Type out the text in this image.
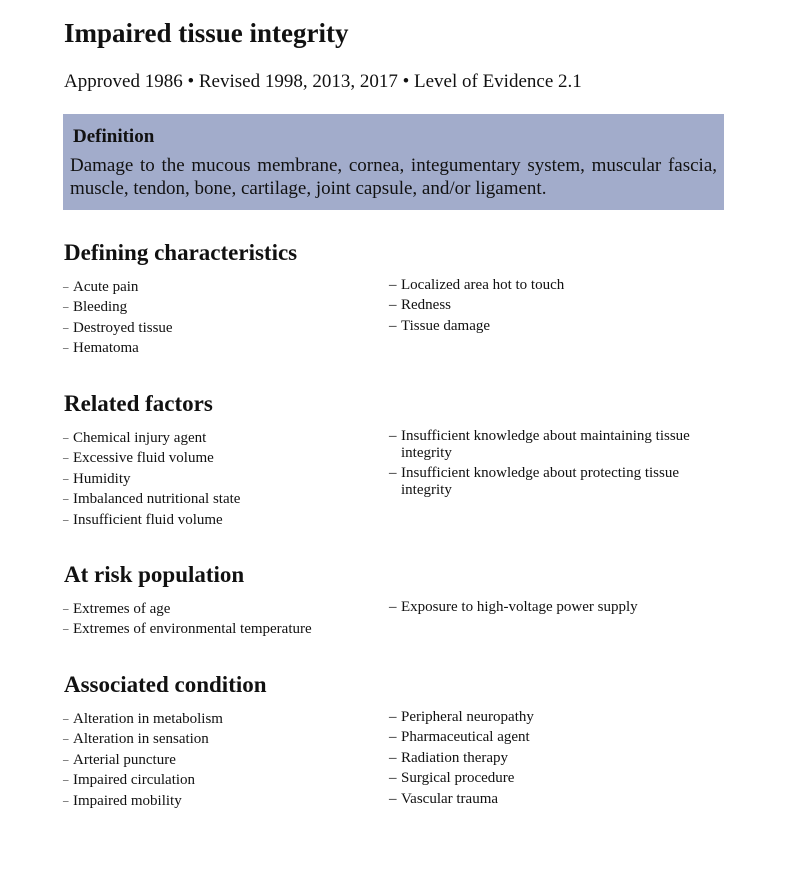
Impaired tissue integrity
Approved 1986 • Revised 1998, 2013, 2017 • Level of Evidence 2.1
Definition

Damage to the mucous membrane, cornea, integumentary system, muscular fascia, muscle, tendon, bone, cartilage, joint capsule, and/or ligament.

Defining characteristics
– Acute pain
– Bleeding
– Destroyed tissue
– Hematoma
– Localized area hot to touch
– Redness
– Tissue damage
Related factors
– Chemical injury agent
– Excessive fluid volume
– Humidity
– Imbalanced nutritional state
– Insufficient fluid volume
– Insufficient knowledge about maintaining tissue integrity
– Insufficient knowledge about protecting tissue integrity
At risk population
– Extremes of age
– Extremes of environmental temperature
– Exposure to high-voltage power supply
Associated condition
– Alteration in metabolism
– Alteration in sensation
– Arterial puncture
– Impaired circulation
– Impaired mobility
– Peripheral neuropathy
– Pharmaceutical agent
– Radiation therapy
– Surgical procedure
– Vascular trauma
